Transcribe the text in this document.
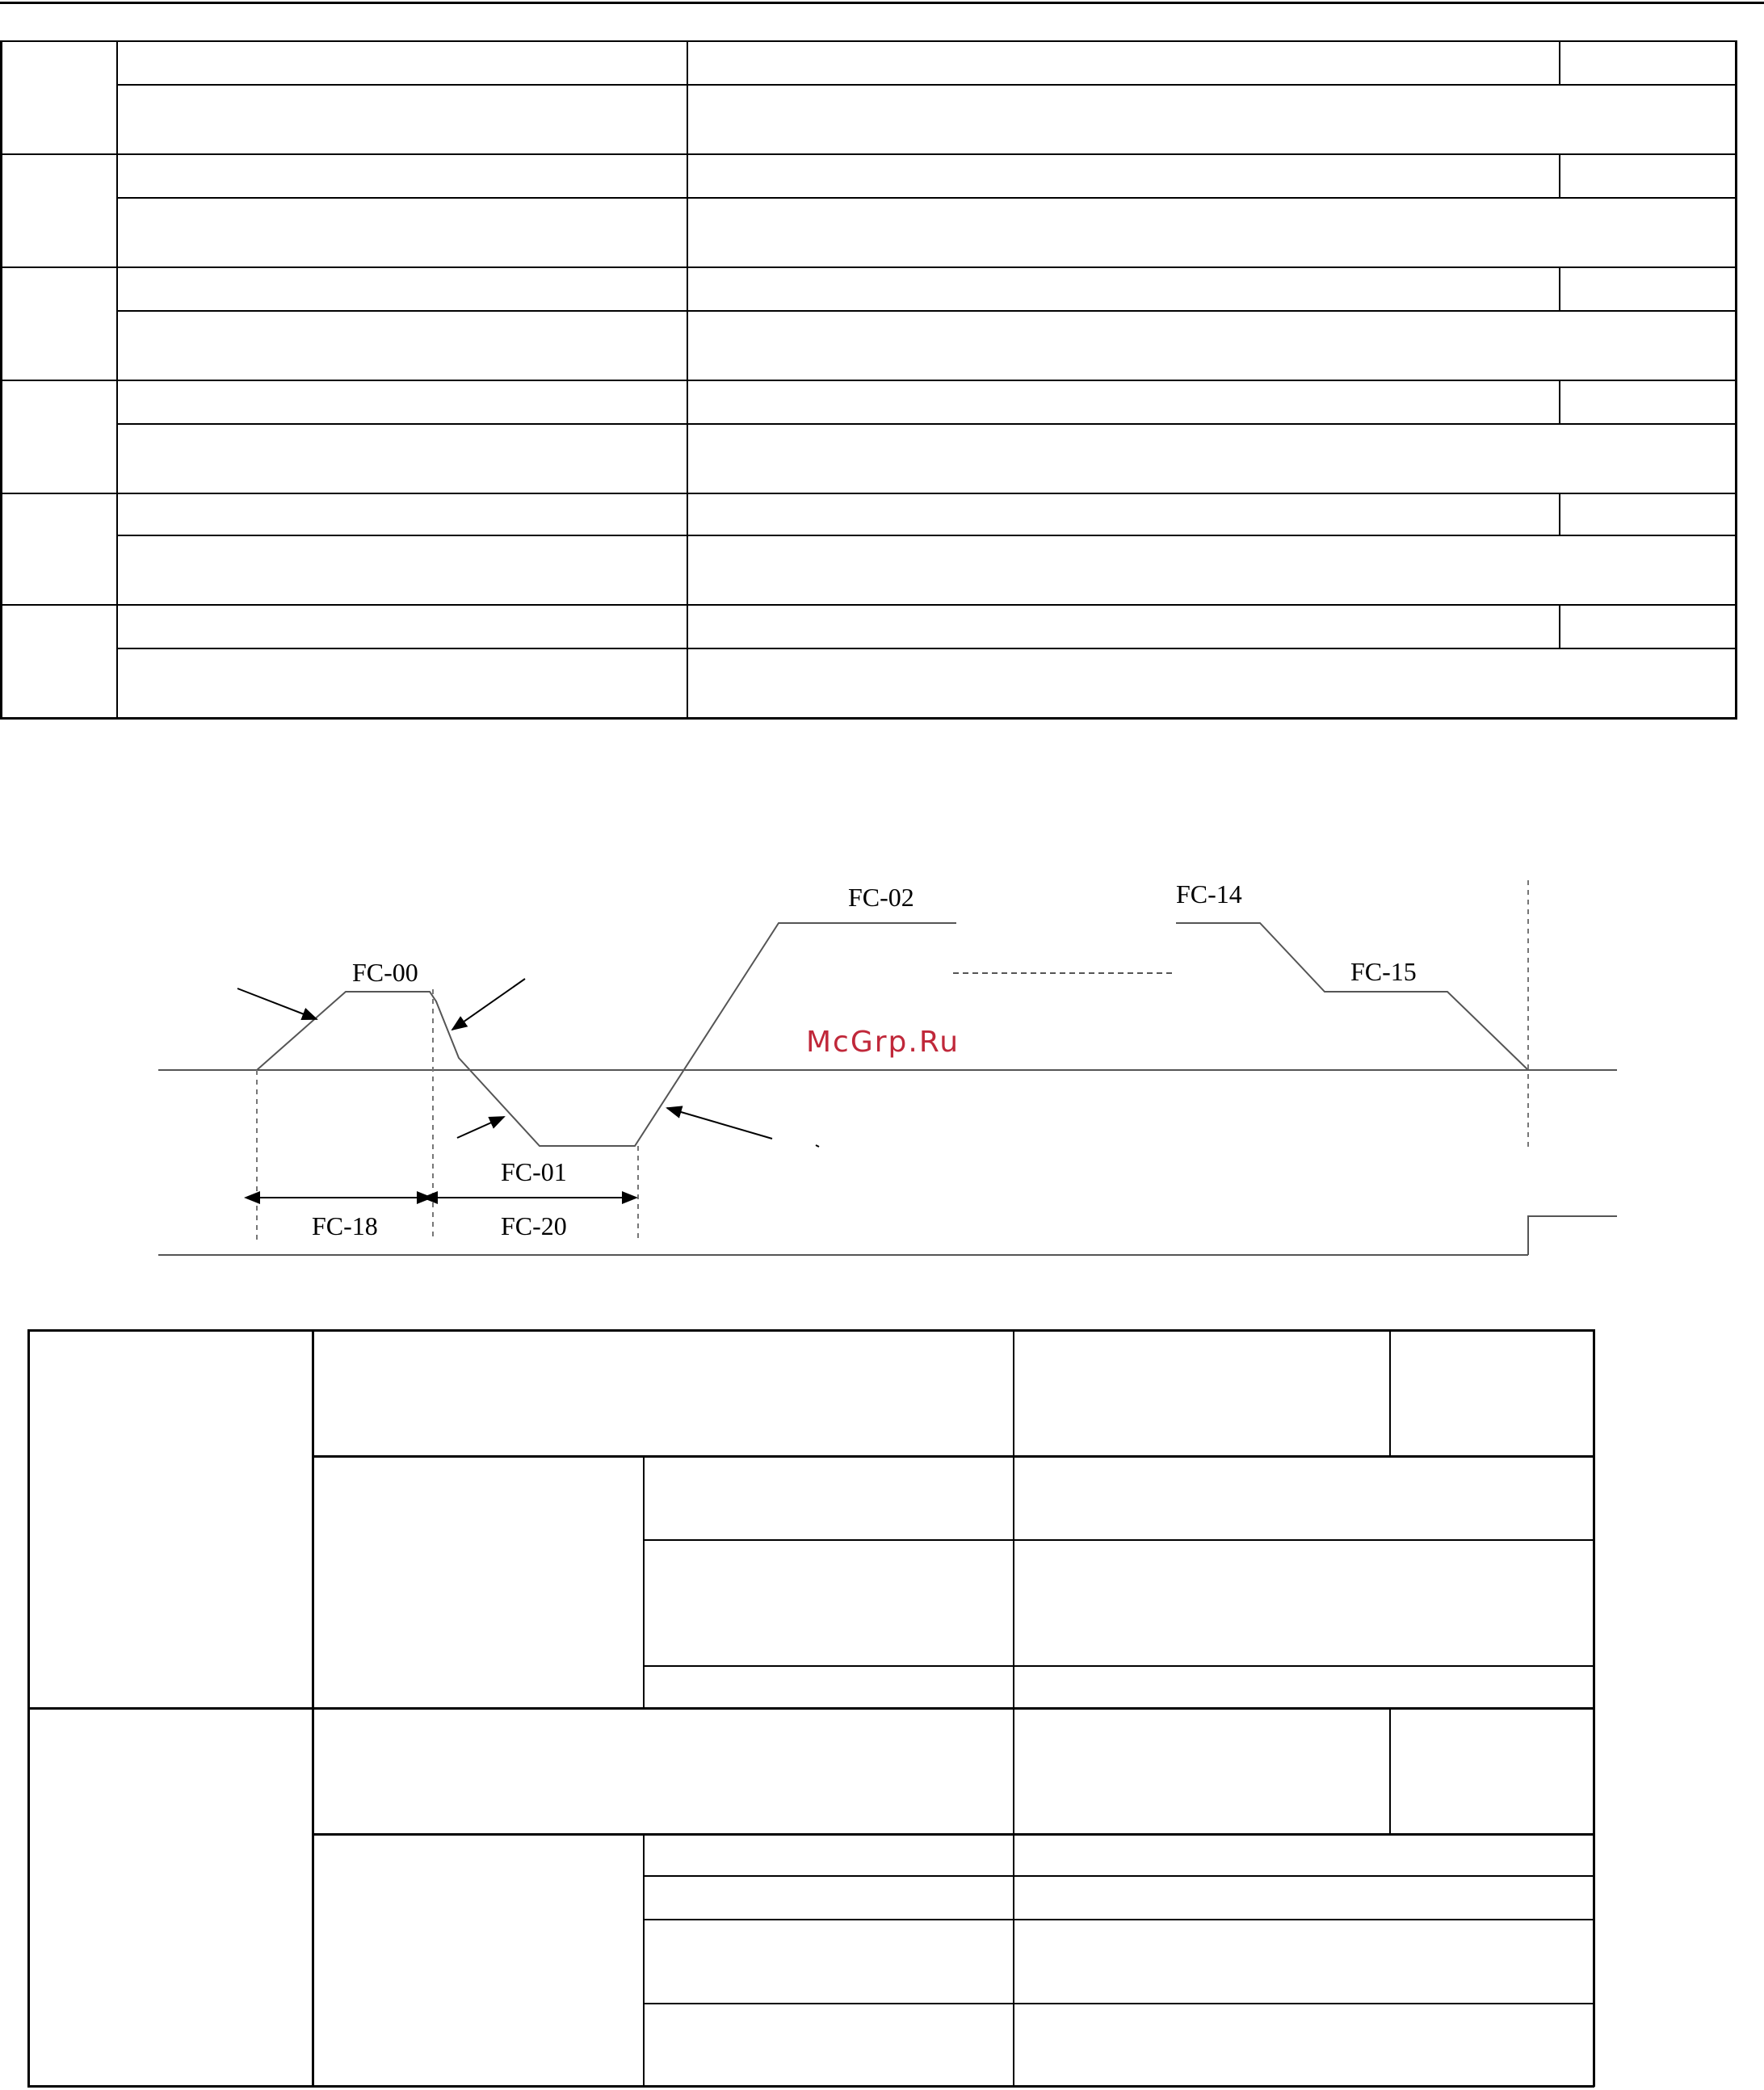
FC-00
FC-01
FC-02	FC-14
FC-15
FC-18	FC-20
McGrp.Ru
